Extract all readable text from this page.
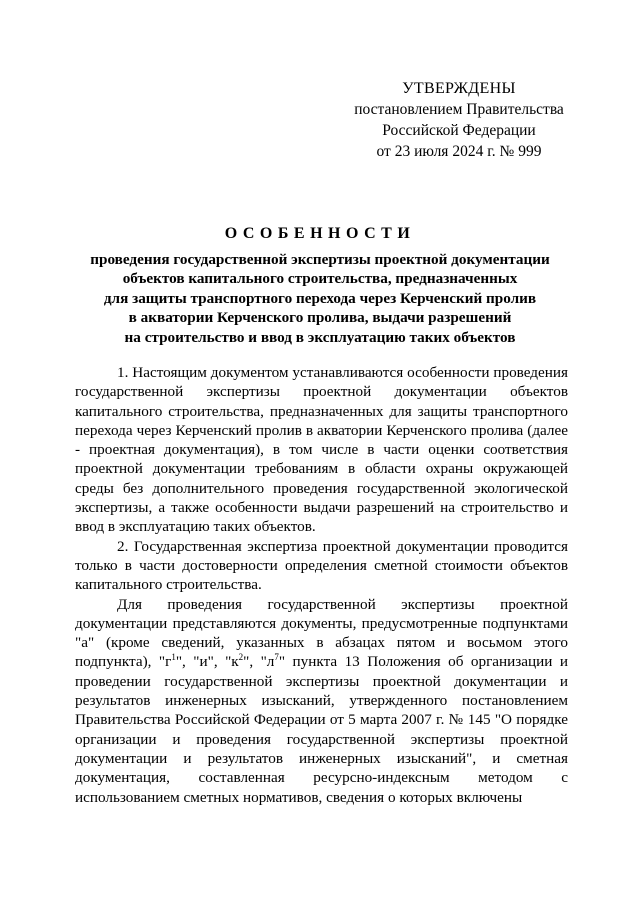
УТВЕРЖДЕНЫ
постановлением Правительства
Российской Федерации
от 23 июля 2024 г. № 999
ОСОБЕННОСТИ
проведения государственной экспертизы проектной документации
объектов капитального строительства, предназначенных
для защиты транспортного перехода через Керченский пролив
в акватории Керченского пролива, выдачи разрешений
на строительство и ввод в эксплуатацию таких объектов

1. Настоящим документом устанавливаются особенности проведения государственной экспертизы проектной документации объектов капитального строительства, предназначенных для защиты транспортного перехода через Керченский пролив в акватории Керченского пролива (далее - проектная документация), в том числе в части оценки соответствия проектной документации требованиям в области охраны окружающей среды без дополнительного проведения государственной экологической экспертизы, а также особенности выдачи разрешений на строительство и ввод в эксплуатацию таких объектов.

2. Государственная экспертиза проектной документации проводится только в части достоверности определения сметной стоимости объектов капитального строительства.

Для проведения государственной экспертизы проектной документации представляются документы, предусмотренные подпунктами "а" (кроме сведений, указанных в абзацах пятом и восьмом этого подпункта), "$г^1$", "и", "$к^2$", "$л^7$" пункта 13 Положения об организации и проведении государственной экспертизы проектной документации и результатов инженерных изысканий, утвержденного постановлением Правительства Российской Федерации от 5 марта 2007 г. № 145 "О порядке организации и проведения государственной экспертизы проектной документации и результатов инженерных изысканий", и сметная документация, составленная ресурсно-индексным методом с использованием сметных нормативов, сведения о которых включены
